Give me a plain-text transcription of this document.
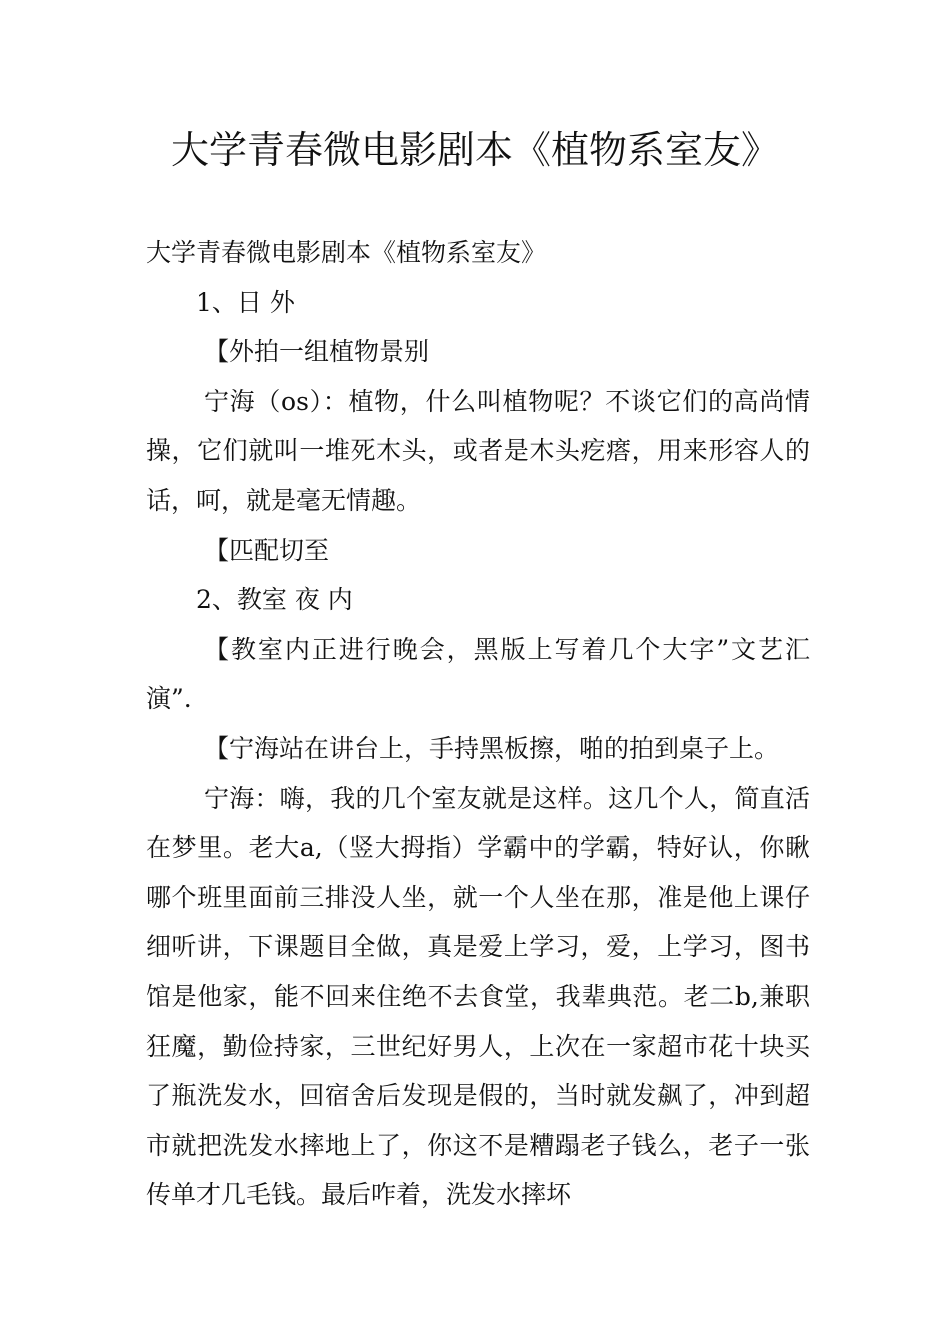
大学青春微电影剧本《植物系室友》

大学青春微电影剧本《植物系室友》

1、日 外

【外拍一组植物景别

宁海（os）：植物，什么叫植物呢？不谈它们的高尚情操，它们就叫一堆死木头，或者是木头疙瘩，用来形容人的话，呵，就是毫无情趣。

【匹配切至

2、教室 夜 内

【教室内正进行晚会，黑版上写着几个大字”文艺汇演”.

【宁海站在讲台上，手持黑板擦，啪的拍到桌子上。

宁海：嗨，我的几个室友就是这样。这几个人，简直活在梦里。老大a,（竖大拇指）学霸中的学霸，特好认，你瞅哪个班里面前三排没人坐，就一个人坐在那，准是他上课仔细听讲，下课题目全做，真是爱上学习，爱，上学习，图书馆是他家，能不回来住绝不去食堂，我辈典范。老二b,兼职狂魔，勤俭持家，三世纪好男人，上次在一家超市花十块买了瓶洗发水，回宿舍后发现是假的，当时就发飙了，冲到超市就把洗发水摔地上了，你这不是糟蹋老子钱么，老子一张传单才几毛钱。最后咋着，洗发水摔坏
